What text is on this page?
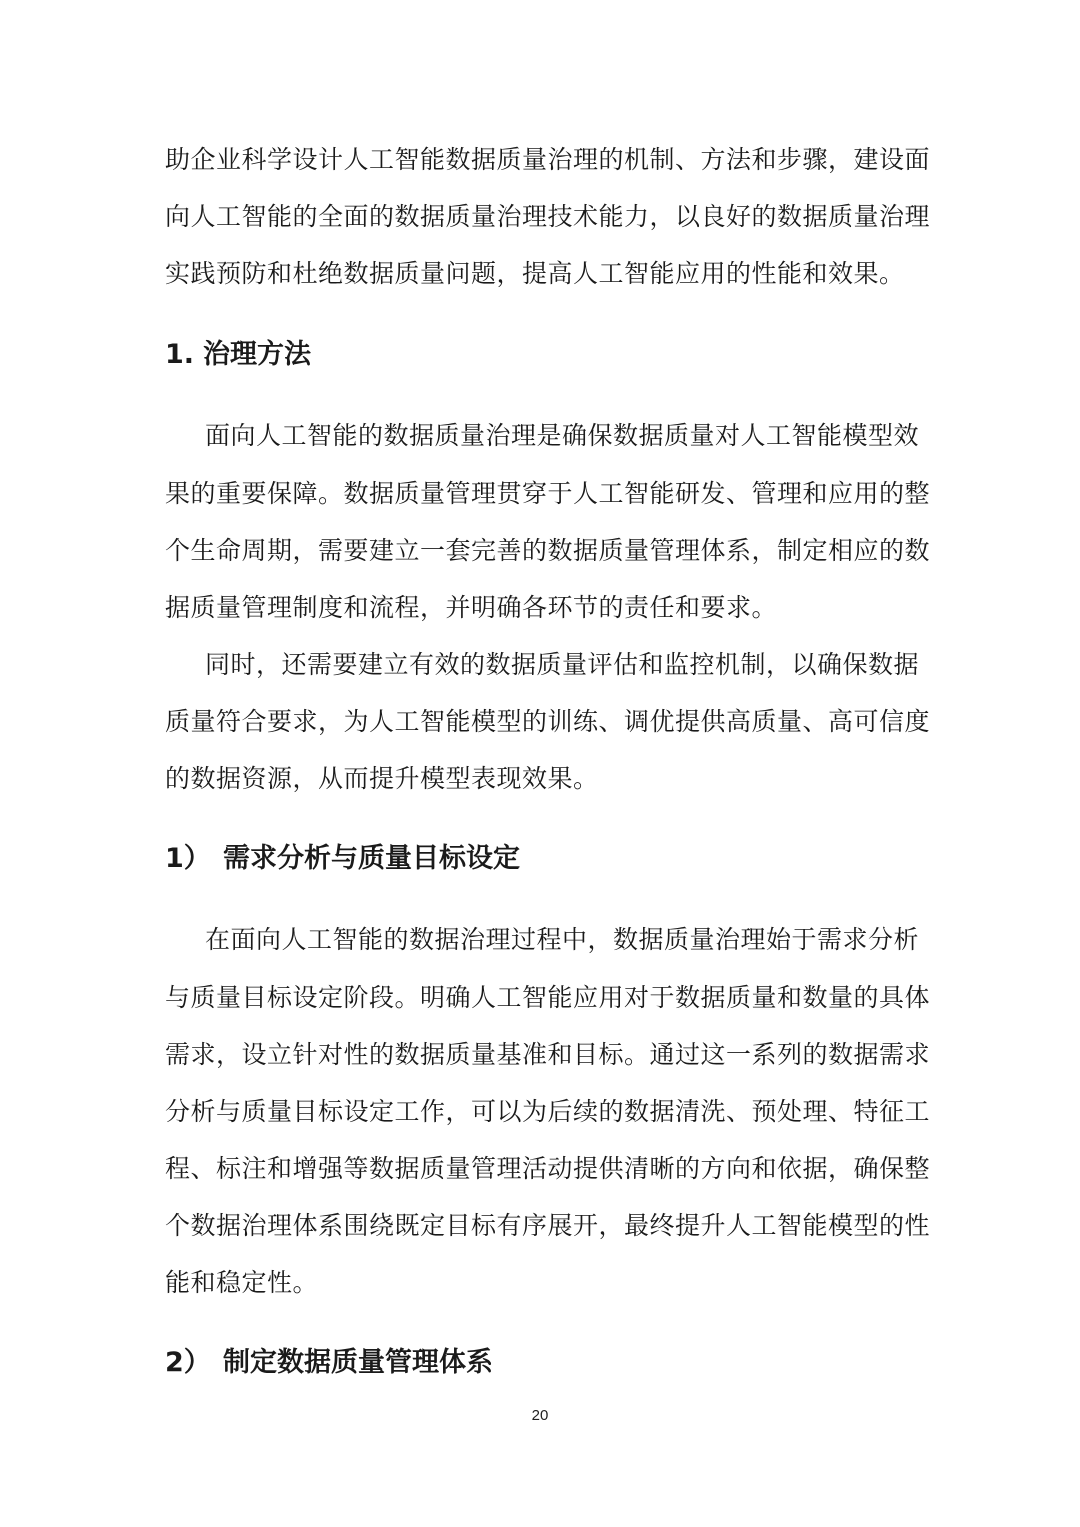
助企业科学设计人工智能数据质量治理的机制、方法和步骤，建设面
向人工智能的全面的数据质量治理技术能力，以良好的数据质量治理
实践预防和杜绝数据质量问题，提高人工智能应用的性能和效果。
1. 治理方法
面向人工智能的数据质量治理是确保数据质量对人工智能模型效
果的重要保障。数据质量管理贯穿于人工智能研发、管理和应用的整
个生命周期，需要建立一套完善的数据质量管理体系，制定相应的数
据质量管理制度和流程，并明确各环节的责任和要求。
同时，还需要建立有效的数据质量评估和监控机制，以确保数据
质量符合要求，为人工智能模型的训练、调优提供高质量、高可信度
的数据资源，从而提升模型表现效果。
1） 需求分析与质量目标设定
在面向人工智能的数据治理过程中，数据质量治理始于需求分析
与质量目标设定阶段。明确人工智能应用对于数据质量和数量的具体
需求，设立针对性的数据质量基准和目标。通过这一系列的数据需求
分析与质量目标设定工作，可以为后续的数据清洗、预处理、特征工
程、标注和增强等数据质量管理活动提供清晰的方向和依据，确保整
个数据治理体系围绕既定目标有序展开，最终提升人工智能模型的性
能和稳定性。
2） 制定数据质量管理体系
20
